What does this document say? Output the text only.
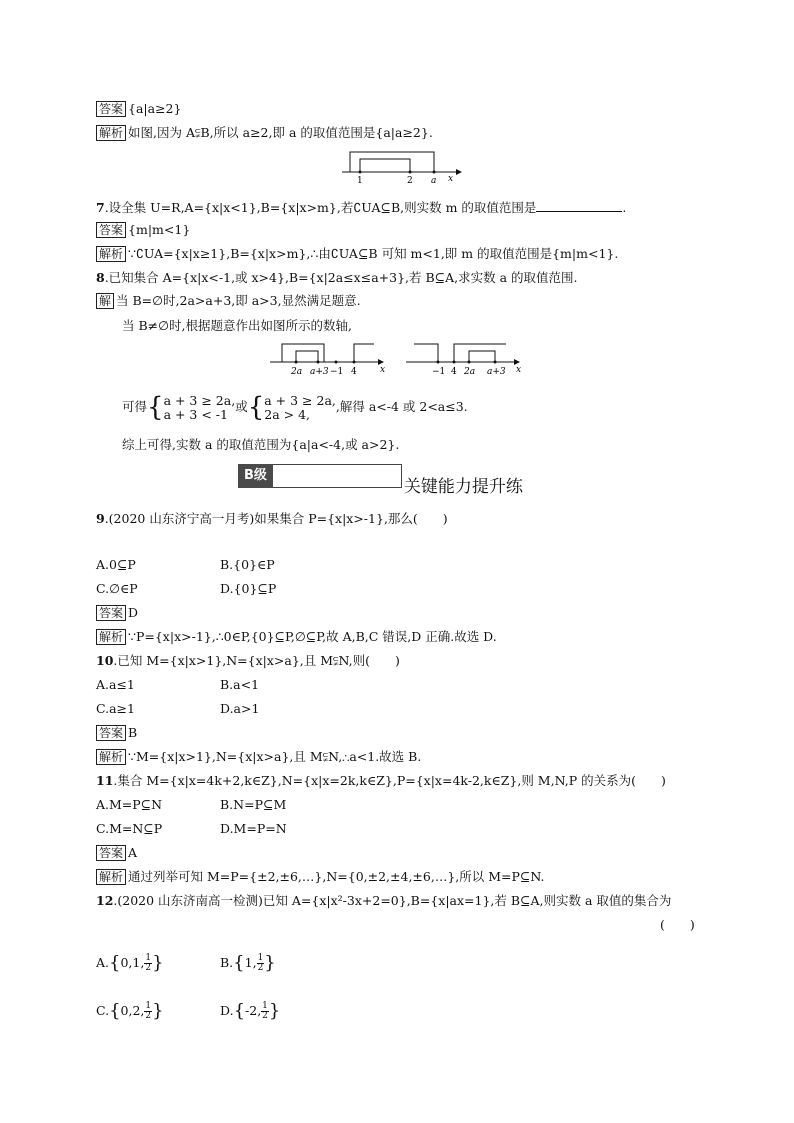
答案 {a|a≥2}
解析 如图,因为 A⫋B,所以 a≥2,即 a 的取值范围是{a|a≥2}.
1	2 a x
7.设全集 U=R,A={x|x<1},B={x|x>m},若∁UA⊆B,则实数 m 的取值范围是	.
答案 {m|m<1}
解析 ∵∁UA={x|x≥1},B={x|x>m},∴由∁UA⊆B 可知 m<1,即 m 的取值范围是{m|m<1}.
8.已知集合 A={x|x<-1,或 x>4},B={x|2a≤x≤a+3},若 B⊆A,求实数 a 的取值范围.
解 当 B=∅时,2a>a+3,即 a>3,显然满足题意.
当 B≠∅时,根据题意作出如图所示的数轴,
2a a+3 −1 4	x	−1 4 2a a+3 x
可得{ a + 3 ≥ 2a,
a + 3 < -1 或{ a + 3 ≥ 2a,
2a > 4,	,解得 a<-4 或 2<a≤3.
综上可得,实数 a 的取值范围为{a|a<-4,或 a>2}.
B级
关键能力提升练
9.(2020 山东济宁高一月考)如果集合 P={x|x>-1},那么(　　)
A.0⊆P	B.{0}∈P
C.∅∈P	D.{0}⊆P
答案 D
解析 ∵P={x|x>-1},∴0∈P,{0}⊆P,∅⊆P,故 A,B,C 错误,D 正确.故选 D.
10.已知 M={x|x>1},N={x|x>a},且 M⫋N,则(　　)
A.a≤1	B.a<1
C.a≥1	D.a>1
答案 B
解析 ∵M={x|x>1},N={x|x>a},且 M⫋N,∴a<1.故选 B.
11.集合 M={x|x=4k+2,k∈Z},N={x|x=2k,k∈Z},P={x|x=4k-2,k∈Z},则 M,N,P 的关系为(　　)
A.M=P⊆N	B.N=P⊆M
C.M=N⊆P	D.M=P=N
答案 A
解析 通过列举可知 M=P={±2,±6,…},N={0,±2,±4,±6,…},所以 M=P⊆N.
12.(2020 山东济南高一检测)已知 A={x|x²-3x+2=0},B={x|ax=1},若 B⊆A,则实数 a 取值的集合为
(　　)
A.{0,1, $\frac{1}{2}$ }	B.{1, $\frac{1}{2}$ }
C.{0,2, $\frac{1}{2}$ }	D.{-2, $\frac{1}{2}$ }
